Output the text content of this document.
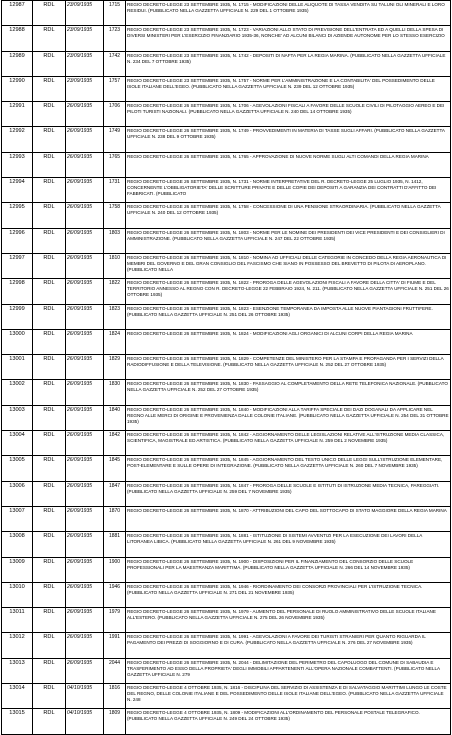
12987	RDL	23/09/1935	1715	REGIO DECRETO-LEGGE 23 SETTEMBRE 1935, N. 1715 - MODIFICAZIONI DELLE ALIQUOTE DI TASSA VENDITA SU TALUNI OLI MINERALI E LORO RESIDUI. (PUBBLICATO NELLA GAZZETTA UFFICIALE N. 229 DEL 1 OTTOBRE 1935)

12988	RDL	23/09/1935	1723	REGIO DECRETO-LEGGE 23 SETTEMBRE 1935, N. 1723 - VARIAZIONI ALLO STATO DI PREVISIONE DELL'ENTRATA ED A QUELLI DELLA SPESA DI DIVERSI MINISTERI PER L'ESERCIZIO FINANZIARIO 1935-36, NONCHE' AD ALCUNI BILANCI DI AZIENDE AUTONOME PER LO STESSO ESERCIZIO

12989	RDL	23/09/1935	1742	REGIO DECRETO-LEGGE 23 SETTEMBRE 1935, N. 1742 - DEPOSITI DI NAFTA PER LA REGIA MARINA. (PUBBLICATO NELLA GAZZETTA UFFICIALE N. 234 DEL 7 OTTOBRE 1935)

12990	RDL	23/09/1935	1757	REGIO DECRETO-LEGGE 23 SETTEMBRE 1935, N. 1757 - NORME PER L'AMMINISTRAZIONE E LA CONTABILITA' DEL POSSEDIMENTO DELLE ISOLE ITALIANE DELL'EGEO. (PUBBLICATO NELLA GAZZETTA UFFICIALE N. 239 DEL 12 OTTOBRE 1935)

12991	RDL	26/09/1935	1706	REGIO DECRETO-LEGGE 26 SETTEMBRE 1935, N. 1706 - AGEVOLAZIONI FISCALI A FAVORE DELLE SCUOLE CIVILI DI PILOTAGGIO AEREO E DEI PILOTI TURISTI NAZIONALI. (PUBBLICATO NELLA GAZZETTA UFFICIALE N. 240 DEL 14 OTTOBRE 1935)

12992	RDL	26/09/1935	1749	REGIO DECRETO-LEGGE 26 SETTEMBRE 1935, N. 1749 - PROVVEDIMENTI IN MATERIA DI TASSE SUGLI AFFARI. (PUBBLICATO NELLA GAZZETTA UFFICIALE N. 238 DEL 9 OTTOBRE 1935)

12993	RDL	26/09/1935	1765	REGIO DECRETO-LEGGE 26 SETTEMBRE 1935, N. 1765 - APPROVAZIONE DI NUOVE NORME SUGLI ALTI COMANDI DELLA REGIA MARINA

12994	RDL	26/09/1935	1731	REGIO DECRETO-LEGGE 26 SETTEMBRE 1935, N. 1731 - NORME INTERPRETATIVE DEL R. DECRETO-LEGGE 25 LUGLIO 1935, N. 1412, CONCERNENTE L'OBBLIGATORIETA' DELLE SCRITTURE PRIVATE E DELLE COPIE DEI DEPOSITI A GARANZIA DEI CONTRATTI D'AFFITTO DEI FABBRICATI. (PUBBLICATO

12995	RDL	26/09/1935	1758	REGIO DECRETO-LEGGE 26 SETTEMBRE 1935, N. 1758 - CONCESSIONE DI UNA PENSIONE STRAORDINARIA. (PUBBLICATO NELLA GAZZETTA UFFICIALE N. 240 DEL 12 OTTOBRE 1935)

12996	RDL	26/09/1935	1803	REGIO DECRETO-LEGGE 26 SETTEMBRE 1935, N. 1803 - NORME PER LE NOMINE DEI PRESIDENTI DEI VICE PRESIDENTI E DEI CONSIGLIERI DI AMMINISTRAZIONE. (PUBBLICATO NELLA GAZZETTA UFFICIALE N. 247 DEL 22 OTTOBRE 1935)

12997	RDL	26/09/1935	1810	REGIO DECRETO-LEGGE 26 SETTEMBRE 1935, N. 1810 - NOMINA AD UFFICIALI DELLE CATEGORIE IN CONCEDO DELLA REGIA AERONAUTICA DI MEMBRI DEL GOVERNO E DEL GRAN CONSIGLIO DEL FASCISMO CHE SIANO IN POSSESSO DEL BREVETTO DI PILOTA DI AEROPLANO. (PUBBLICATO NELLA

12998	RDL	26/09/1935	1822	REGIO DECRETO-LEGGE 26 SETTEMBRE 1935, N. 1822 - PROROGA DELLE AGEVOLAZIONI FISCALI A FAVORE DELLA CITTA' DI FIUME E DEL TERRITORIO ANNESSO AL REGNO CON R. DECRETO-LEGGE 22 FEBBRAIO 1924, N. 211. (PUBBLICATO NELLA GAZZETTA UFFICIALE N. 251 DEL 26 OTTOBRE 1935)

12999	RDL	26/09/1935	1823	REGIO DECRETO-LEGGE 26 SETTEMBRE 1935, N. 1823 - ESENZIONE TEMPORANEA DA IMPOSTA ALLE NUOVE PIANTAGIONI FRUTTIFERE. (PUBBLICATO NELLA GAZZETTA UFFICIALE N. 251 DEL 26 OTTOBRE 1935)

13000	RDL	26/09/1935	1824	REGIO DECRETO-LEGGE 26 SETTEMBRE 1935, N. 1824 - MODIFICAZIONI AGLI ORGANICI DI ALCUNI CORPI DELLA REGIA MARINA

13001	RDL	26/09/1935	1829	REGIO DECRETO-LEGGE 26 SETTEMBRE 1935, N. 1829 - COMPETENZE DEL MINISTERO PER LA STAMPA E PROPAGANDA PER I SERVIZI DELLA RADIODIFFUSIONE E DELLA TELEVISIONE. (PUBBLICATO NELLA GAZZETTA UFFICIALE N. 252 DEL 27 OTTOBRE 1935)

13002	RDL	26/09/1935	1830	REGIO DECRETO-LEGGE 26 SETTEMBRE 1935, N. 1830 - PASSAGGIO AL COMPLETAMENTO DELLA RETE TELEFONICA NAZIONALE. (PUBBLICATO NELLA GAZZETTA UFFICIALE N. 252 DEL 27 OTTOBRE 1935)

13003	RDL	26/09/1935	1840	REGIO DECRETO-LEGGE 26 SETTEMBRE 1935, N. 1840 - MODIFICAZIONI ALLA TARIFFA SPECIALE DEI DAZI DOGANALI DA APPLICARE NEL REGNO ALLE MERCI DI ORIGINE E PROVENIENZA DALLE COLONIE ITALIANE. (PUBBLICATO NELLA GAZZETTA UFFICIALE N. 254 DEL 31 OTTOBRE 1935)

13004	RDL	26/09/1935	1842	REGIO DECRETO-LEGGE 26 SETTEMBRE 1935, N. 1842 - AGGIORNAMENTO DELLE LEGISLAZIONI RELATIVE ALL'ISTRUZIONE MEDIA CLASSICA, SCIENTIFICA, MAGISTRALE ED ARTISTICA. (PUBBLICATO NELLA GAZZETTA UFFICIALE N. 259 DEL 2 NOVEMBRE 1935)

13005	RDL	26/09/1935	1845	REGIO DECRETO-LEGGE 26 SETTEMBRE 1935, N. 1845 - AGGIORNAMENTO DEL TESTO UNICO DELLE LEGGI SULL'ISTRUZIONE ELEMENTARE, POST-ELEMENTARE E SULLE OPERE DI INTEGRAZIONE. (PUBBLICATO NELLA GAZZETTA UFFICIALE N. 260 DEL 7 NOVEMBRE 1935)

13006	RDL	26/09/1935	1847	REGIO DECRETO-LEGGE 26 SETTEMBRE 1935, N. 1847 - PROROGA DELLE SCUOLE E ISTITUTI DI ISTRUZIONE MEDIA TECNICA, PAREGGIATI. (PUBBLICATO NELLA GAZZETTA UFFICIALE N. 259 DEL 7 NOVEMBRE 1935)

13007	RDL	26/09/1935	1870	REGIO DECRETO-LEGGE 26 SETTEMBRE 1935, N. 1870 - ATTRIBUZIONI DEL CAPO DEL SOTTOCAPO DI STATO MAGGIORE DELLA REGIA MARINA

13008	RDL	26/09/1935	1881	REGIO DECRETO-LEGGE 26 SETTEMBRE 1935, N. 1881 - ISTITUZIONE DI SISTEMI AVVENTIZI PER LA ESECUZIONE DEI LAVORI DELLA LITORANEA LIBICA. (PUBBLICATO NELLA GAZZETTA UFFICIALE N. 261 DEL 9 NOVEMBRE 1935)

13009	RDL	26/09/1935	1900	REGIO DECRETO-LEGGE 26 SETTEMBRE 1935, N. 1900 - DISPOSIZIONI PER IL FINANZIAMENTO DEL CONSORZIO DELLE SCUOLE PROFESSIONALI PER LA MAESTRANZA MARITTIMA. (PUBBLICATO NELLA GAZZETTA UFFICIALE N. 266 DEL 14 NOVEMBRE 1935)

13010	RDL	26/09/1935	1946	REGIO DECRETO-LEGGE 26 SETTEMBRE 1935, N. 1946 - RIORDINAMENTO DEI CONSORZI PROVINCIALI PER L'ISTRUZIONE TECNICA. (PUBBLICATO NELLA GAZZETTA UFFICIALE N. 271 DEL 21 NOVEMBRE 1935)

13011	RDL	26/09/1935	1979	REGIO DECRETO-LEGGE 26 SETTEMBRE 1935, N. 1979 - AUMENTO DEL PERSONALE DI RUOLO AMMINISTRATIVO DELLE SCUOLE ITALIANE ALL'ESTERO. (PUBBLICATO NELLA GAZZETTA UFFICIALE N. 275 DEL 26 NOVEMBRE 1935)

13012	RDL	26/09/1935	1991	REGIO DECRETO-LEGGE 26 SETTEMBRE 1935, N. 1991 - AGEVOLAZIONI A FAVORE DEI TURISTI STRANIERI PER QUANTO RIGUARDA IL PAGAMENTO DEI PREZZI DI SOGGIORNO E DI CURA. (PUBBLICATO NELLA GAZZETTA UFFICIALE N. 276 DEL 27 NOVEMBRE 1935)

13013	RDL	26/09/1935	2044	REGIO DECRETO-LEGGE 26 SETTEMBRE 1935, N. 2044 - DELIMITAZIONE DEL PERIMETRO DEL CAPOLUOGO DEL COMUNE DI SABAUDIA E TRASFERIMENTO AD ESSO DELLA PROPRIETA' DEGLI IMMOBILI APPARTENENTI ALL'OPERA NAZIONALE COMBATTENTI. (PUBBLICATO NELLA GAZZETTA UFFICIALE N. 279

13014	RDL	04/10/1935	1816	REGIO DECRETO-LEGGE 4 OTTOBRE 1935, N. 1816 - DISCIPLINA DEL SERVIZIO DI ASSISTENZA E DI SALVATAGGIO MARITTIMI LUNGO LE COSTE DEL REGNO, DELLE COLONIE ITALIANE E DEL POSSEDIMENTO DELLE ISOLE ITALIANE DELL'EGEO. (PUBBLICATO NELLA GAZZETTA UFFICIALE N. 248

13015	RDL	04/10/1935	1809	REGIO DECRETO-LEGGE 4 OTTOBRE 1935, N. 1809 - MODIFICAZIONI ALL'ORDINAMENTO DEL PERSONALE POSTALE TELEGRAFICO. (PUBBLICATO NELLA GAZZETTA UFFICIALE N. 249 DEL 24 OTTOBRE 1935)
